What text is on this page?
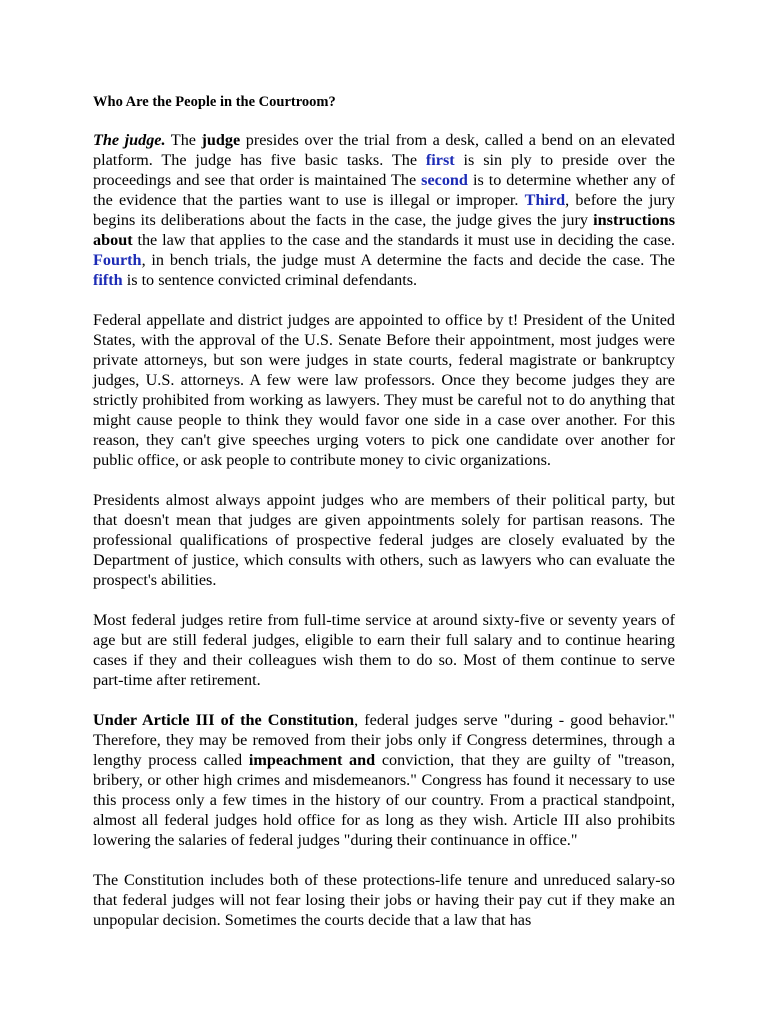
Who Are the People in the Courtroom?

The judge. The judge presides over the trial from a desk, called a bend on an elevated platform. The judge has five basic tasks. The first is sin ply to preside over the proceedings and see that order is maintained The second is to determine whether any of the evidence that the parties want to use is illegal or improper. Third, before the jury begins its deliberations about the facts in the case, the judge gives the jury instructions about the law that applies to the case and the standards it must use in deciding the case. Fourth, in bench trials, the judge must A determine the facts and decide the case. The fifth is to sentence convicted criminal defendants.

Federal appellate and district judges are appointed to office by t! President of the United States, with the approval of the U.S. Senate Before their appointment, most judges were private attorneys, but son were judges in state courts, federal magistrate or bankruptcy judges, U.S. attorneys. A few were law professors. Once they become judges they are strictly prohibited from working as lawyers. They must be careful not to do anything that might cause people to think they would favor one side in a case over another. For this reason, they can't give speeches urging voters to pick one candidate over another for public office, or ask people to contribute money to civic organizations.

Presidents almost always appoint judges who are members of their political party, but that doesn't mean that judges are given appointments solely for partisan reasons. The professional qualifications of prospective federal judges are closely evaluated by the Department of justice, which consults with others, such as lawyers who can evaluate the prospect's abilities.

Most federal judges retire from full-time service at around sixty-five or seventy years of age but are still federal judges, eligible to earn their full salary and to continue hearing cases if they and their colleagues wish them to do so. Most of them continue to serve part-time after retirement.

Under Article III of the Constitution, federal judges serve "during - good behavior." Therefore, they may be removed from their jobs only if Congress determines, through a lengthy process called impeachment and conviction, that they are guilty of "treason, bribery, or other high crimes and misdemeanors." Congress has found it necessary to use this process only a few times in the history of our country. From a practical standpoint, almost all federal judges hold office for as long as they wish. Article III also prohibits lowering the salaries of federal judges "during their continuance in office."

The Constitution includes both of these protections-life tenure and unreduced salary-so that federal judges will not fear losing their jobs or having their pay cut if they make an unpopular decision. Sometimes the courts decide that a law that has
